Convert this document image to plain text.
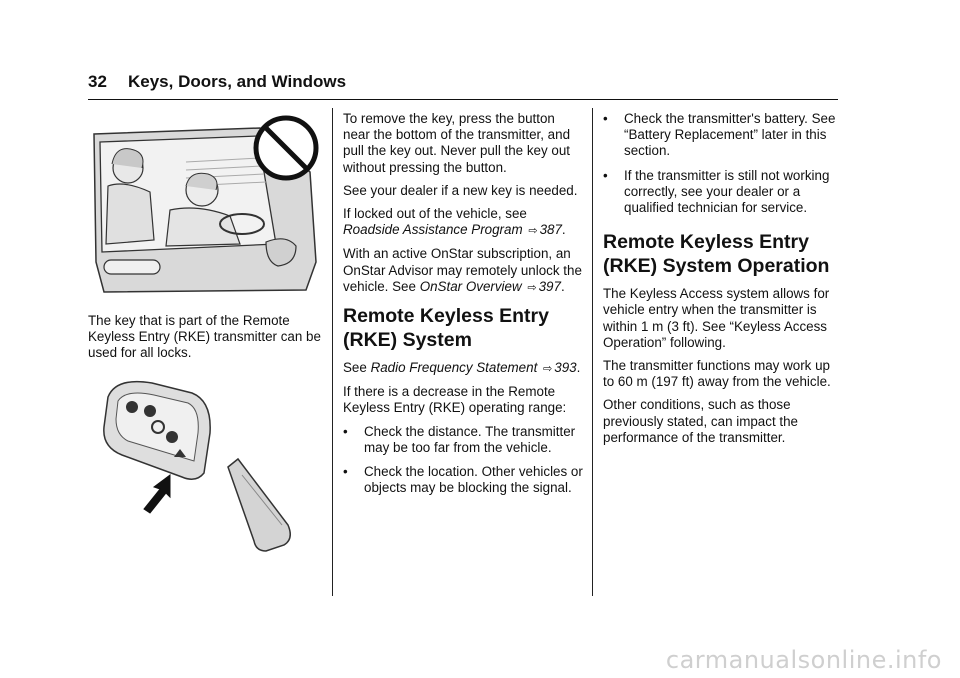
32 Keys, Doors, and Windows

The key that is part of the Remote Keyless Entry (RKE) transmitter can be used for all locks.

To remove the key, press the button near the bottom of the transmitter, and pull the key out. Never pull the key out without pressing the button.

See your dealer if a new key is needed.

If locked out of the vehicle, see Roadside Assistance Program ⇨ 387.

With an active OnStar subscription, an OnStar Advisor may remotely unlock the vehicle. See OnStar Overview ⇨ 397.

Remote Keyless Entry (RKE) System

See Radio Frequency Statement ⇨ 393.

If there is a decrease in the Remote Keyless Entry (RKE) operating range:

• Check the distance. The transmitter may be too far from the vehicle.
• Check the location. Other vehicles or objects may be blocking the signal.
• Check the transmitter's battery. See “Battery Replacement” later in this section.
• If the transmitter is still not working correctly, see your dealer or a qualified technician for service.
Remote Keyless Entry (RKE) System Operation

The Keyless Access system allows for vehicle entry when the transmitter is within 1 m (3 ft). See “Keyless Access Operation” following.

The transmitter functions may work up to 60 m (197 ft) away from the vehicle.

Other conditions, such as those previously stated, can impact the performance of the transmitter.

carmanualsonline.info
